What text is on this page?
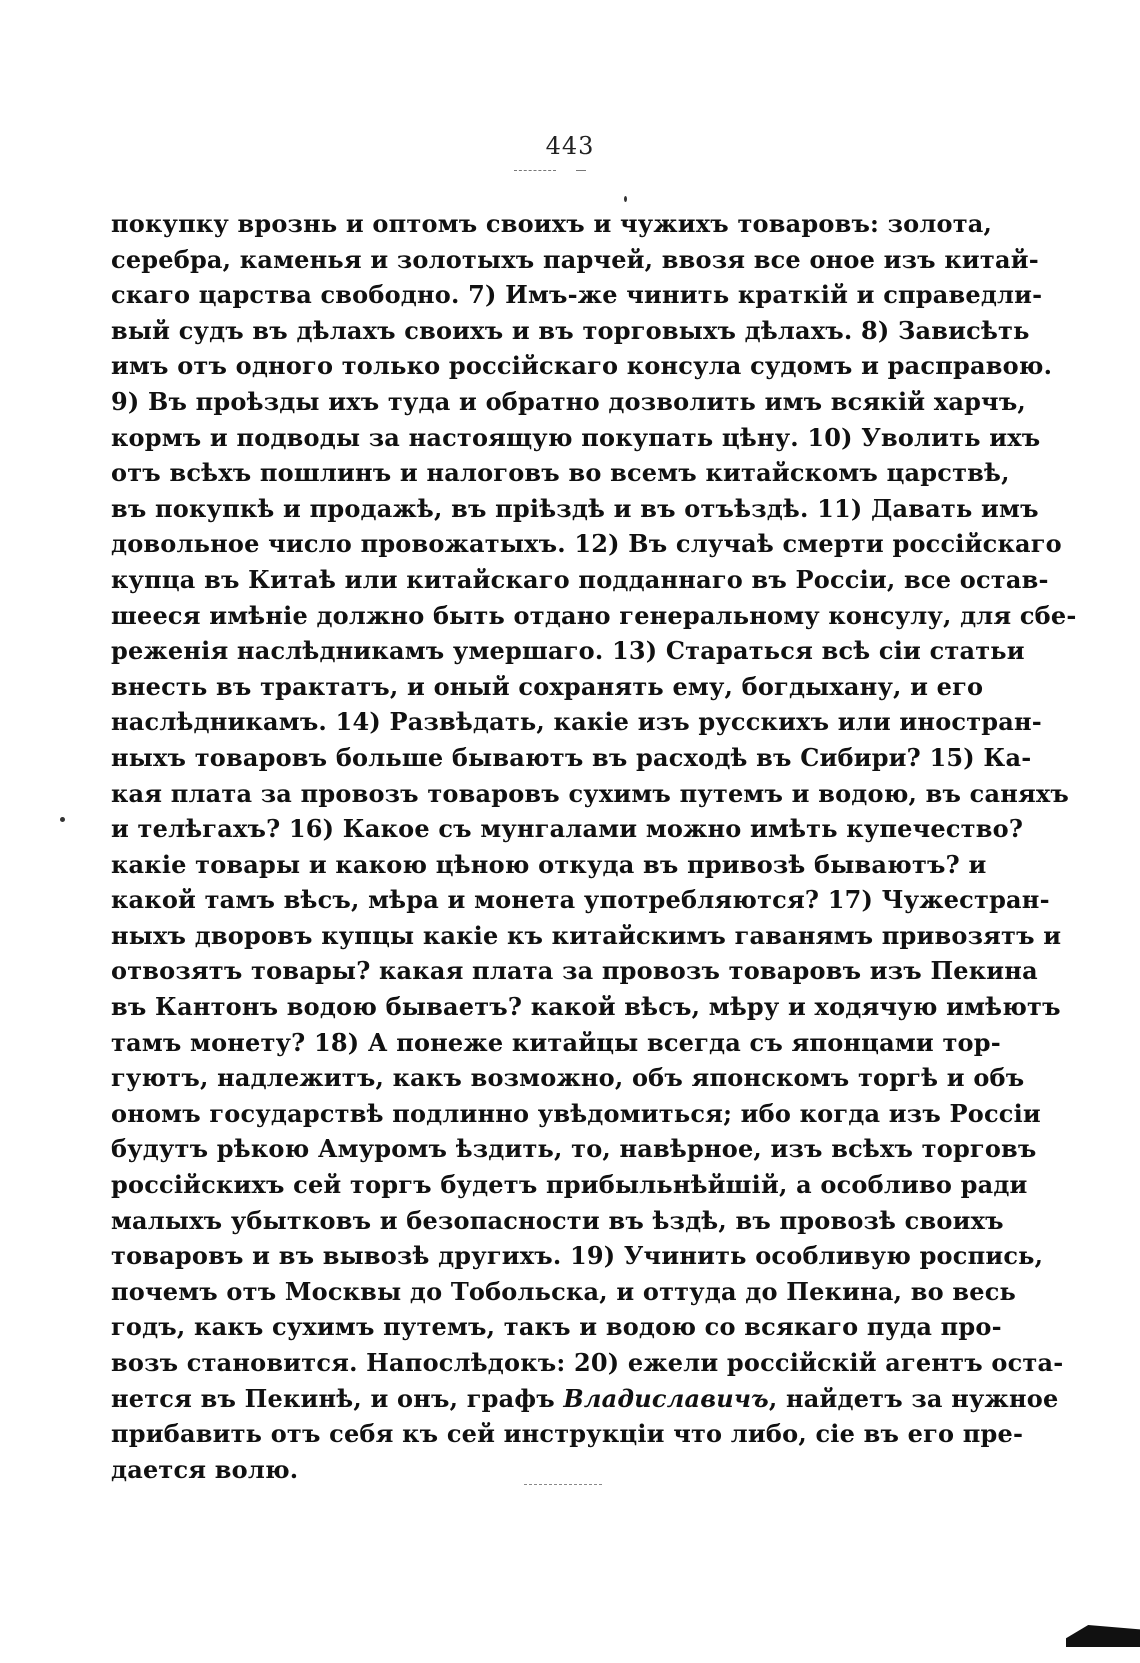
443
покупку врознь и оптомъ своихъ и чужихъ товаровъ: золота,
серебра, каменья и золотыхъ парчей, ввозя все оное изъ китай-
скаго царства свободно. 7) Имъ-же чинить краткій и справедли-
вый судъ въ дѣлахъ своихъ и въ торговыхъ дѣлахъ. 8) Зависѣть
имъ отъ одного только россійскаго консула судомъ и расправою.
9) Въ проѣзды ихъ туда и обратно дозволить имъ всякій харчъ,
кормъ и подводы за настоящую покупать цѣну. 10) Уволить ихъ
отъ всѣхъ пошлинъ и налоговъ во всемъ китайскомъ царствѣ,
въ покупкѣ и продажѣ, въ пріѣздѣ и въ отъѣздѣ. 11) Давать имъ
довольное число провожатыхъ. 12) Въ случаѣ смерти россійскаго
купца въ Китаѣ или китайскаго подданнаго въ Россіи, все остав-
шееся имѣніе должно быть отдано генеральному консулу, для сбе-
реженія наслѣдникамъ умершаго. 13) Стараться всѣ сіи статьи
внесть въ трактатъ, и оный сохранять ему, богдыхану, и его
наслѣдникамъ. 14) Развѣдать, какіе изъ русскихъ или иностран-
ныхъ товаровъ больше бываютъ въ расходѣ въ Сибири? 15) Ка-
кая плата за провозъ товаровъ сухимъ путемъ и водою, въ саняхъ
и телѣгахъ? 16) Какое съ мунгалами можно имѣть купечество?
какіе товары и какою цѣною откуда въ привозѣ бываютъ? и
какой тамъ вѣсъ, мѣра и монета употребляются? 17) Чужестран-
ныхъ дворовъ купцы какіе къ китайскимъ гаванямъ привозятъ и
отвозятъ товары? какая плата за провозъ товаровъ изъ Пекина
въ Кантонъ водою бываетъ? какой вѣсъ, мѣру и ходячую имѣютъ
тамъ монету? 18) А понеже китайцы всегда съ японцами тор-
гуютъ, надлежитъ, какъ возможно, объ японскомъ торгѣ и объ
ономъ государствѣ подлинно увѣдомиться; ибо когда изъ Россіи
будутъ рѣкою Амуромъ ѣздить, то, навѣрное, изъ всѣхъ торговъ
россійскихъ сей торгъ будетъ прибыльнѣйшій, а особливо ради
малыхъ убытковъ и безопасности въ ѣздѣ, въ провозѣ своихъ
товаровъ и въ вывозѣ другихъ. 19) Учинить особливую роспись,
почемъ отъ Москвы до Тобольска, и оттуда до Пекина, во весь
годъ, какъ сухимъ путемъ, такъ и водою со всякаго пуда про-
возъ становится. Напослѣдокъ: 20) ежели россійскій агентъ оста-
нется въ Пекинѣ, и онъ, графъ Владиславичъ, найдетъ за нужное
прибавить отъ себя къ сей инструкціи что либо, сіе въ его пре-
дается волю.
